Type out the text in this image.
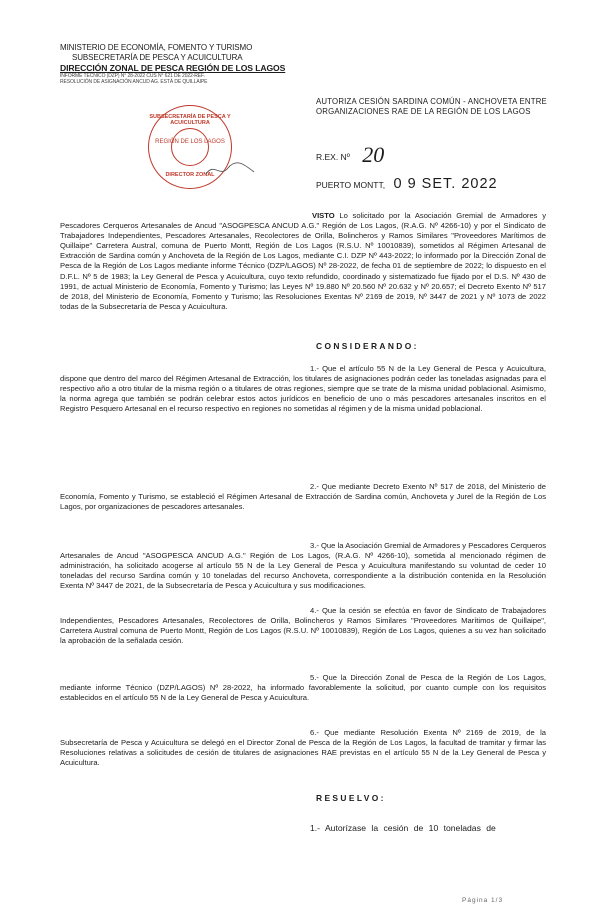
MINISTERIO DE ECONOMÍA, FOMENTO Y TURISMO
SUBSECRETARÍA DE PESCA Y ACUICULTURA
DIRECCIÓN ZONAL DE PESCA REGIÓN DE LOS LAGOS
INFORME TÉCNICO (DZP) N° 28-2022 CUS N° 621 DE 2022-REF.
RESOLUCIÓN DE ASIGNACIÓN ANCUD AG. ESTÁ DE QUILLAIPE
AUTORIZA CESIÓN SARDINA COMÚN - ANCHOVETA ENTRE ORGANIZACIONES RAE DE LA REGIÓN DE LOS LAGOS
SUBSECRETARÍA DE PESCA Y ACUICULTURA
REGIÓN DE LOS LAGOS
DIRECTOR ZONAL
R.EX. Nº 20
PUERTO MONTT, 0 9 SET. 2022
VISTO Lo solicitado por la Asociación Gremial de Armadores y Pescadores Cerqueros Artesanales de Ancud "ASOGPESCA ANCUD A.G." Región de Los Lagos, (R.A.G. Nº 4266-10) y por el Sindicato de Trabajadores Independientes, Pescadores Artesanales, Recolectores de Orilla, Bolincheros y Ramos Similares "Proveedores Marítimos de Quillaipe" Carretera Austral, comuna de Puerto Montt, Región de Los Lagos (R.S.U. Nº 10010839), sometidos al Régimen Artesanal de Extracción de Sardina común y Anchoveta de la Región de Los Lagos, mediante C.I. DZP Nº 443-2022; lo informado por la Dirección Zonal de Pesca de la Región de Los Lagos mediante informe Técnico (DZP/LAGOS) Nº 28-2022, de fecha 01 de septiembre de 2022; lo dispuesto en el D.F.L. Nº 5 de 1983; la Ley General de Pesca y Acuicultura, cuyo texto refundido, coordinado y sistematizado fue fijado por el D.S. Nº 430 de 1991, de actual Ministerio de Economía, Fomento y Turismo; las Leyes Nº 19.880 Nº 20.560 Nº 20.632 y Nº 20.657; el Decreto Exento Nº 517 de 2018, del Ministerio de Economía, Fomento y Turismo; las Resoluciones Exentas Nº 2169 de 2019, Nº 3447 de 2021 y Nº 1073 de 2022 todas de la Subsecretaría de Pesca y Acuicultura.
CONSIDERANDO:
1.- Que el artículo 55 N de la Ley General de Pesca y Acuicultura, dispone que dentro del marco del Régimen Artesanal de Extracción, los titulares de asignaciones podrán ceder las toneladas asignadas para el respectivo año a otro titular de la misma región o a titulares de otras regiones, siempre que se trate de la misma unidad poblacional. Asimismo, la norma agrega que también se podrán celebrar estos actos jurídicos en beneficio de uno o más pescadores artesanales inscritos en el Registro Pesquero Artesanal en el recurso respectivo en regiones no sometidas al régimen y de la misma unidad poblacional.
2.- Que mediante Decreto Exento Nº 517 de 2018, del Ministerio de Economía, Fomento y Turismo, se estableció el Régimen Artesanal de Extracción de Sardina común, Anchoveta y Jurel de la Región de Los Lagos, por organizaciones de pescadores artesanales.
3.- Que la Asociación Gremial de Armadores y Pescadores Cerqueros Artesanales de Ancud "ASOGPESCA ANCUD A.G." Región de Los Lagos, (R.A.G. Nº 4266-10), sometida al mencionado régimen de administración, ha solicitado acogerse al artículo 55 N de la Ley General de Pesca y Acuicultura manifestando su voluntad de ceder 10 toneladas del recurso Sardina común y 10 toneladas del recurso Anchoveta, correspondiente a la distribución contenida en la Resolución Exenta Nº 3447 de 2021, de la Subsecretaría de Pesca y Acuicultura y sus modificaciones.
4.- Que la cesión se efectúa en favor de Sindicato de Trabajadores Independientes, Pescadores Artesanales, Recolectores de Orilla, Bolincheros y Ramos Similares "Proveedores Marítimos de Quillaipe", Carretera Austral comuna de Puerto Montt, Región de Los Lagos (R.S.U. Nº 10010839), Región de Los Lagos, quienes a su vez han solicitado la aprobación de la señalada cesión.
5.- Que la Dirección Zonal de Pesca de la Región de Los Lagos, mediante informe Técnico (DZP/LAGOS) Nº 28-2022, ha informado favorablemente la solicitud, por cuanto cumple con los requisitos establecidos en el artículo 55 N de la Ley General de Pesca y Acuicultura.
6.- Que mediante Resolución Exenta Nº 2169 de 2019, de la Subsecretaría de Pesca y Acuicultura se delegó en el Director Zonal de Pesca de la Región de Los Lagos, la facultad de tramitar y firmar las Resoluciones relativas a solicitudes de cesión de titulares de asignaciones RAE previstas en el artículo 55 N de la Ley General de Pesca y Acuicultura.
RESUELVO:
1.- Autorízase la cesión de 10 toneladas de
Página 1/3
